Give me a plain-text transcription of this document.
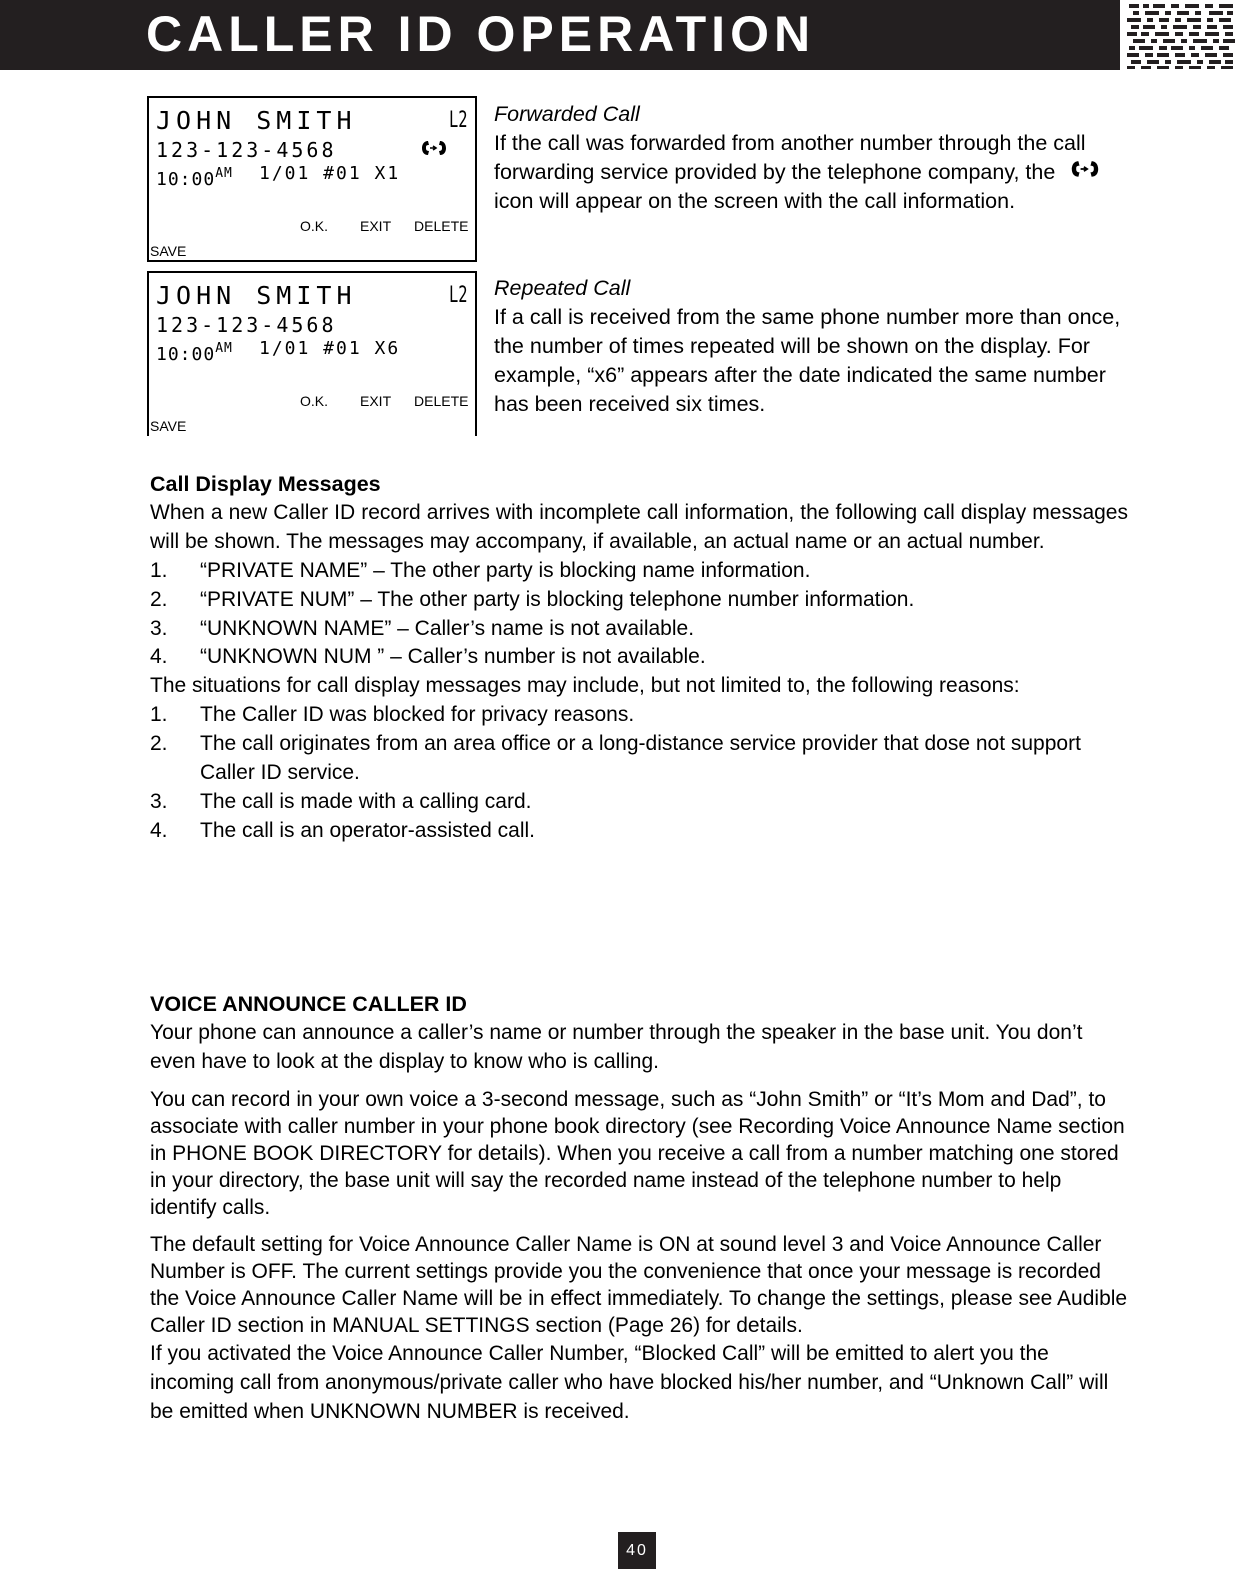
CALLER ID OPERATION
JOHN SMITH	L2
123-123-4568
$10:00^{AM}$ 1/01 #01 X1
O.K. EXIT DELETE
SAVE
JOHN SMITH	L2
123-123-4568
$10:00^{AM}$ 1/01 #01 X6
O.K. EXIT DELETE
SAVE
Forwarded Call
If the call was forwarded from another number through the call forwarding service provided by the telephone company, theicon will appear on the screen with the call information.
Repeated Call
If a call is received from the same phone number more than once, the number of times repeated will be shown on the display. For example, “x6” appears after the date indicated the same number has been received six times.
Call Display Messages

When a new Caller ID record arrives with incomplete call information, the following call display messages will be shown. The messages may accompany, if available, an actual name or an actual number.

1.	“PRIVATE NAME” – The other party is blocking name information.
2.	“PRIVATE NUM” – The other party is blocking telephone number information.
3.	“UNKNOWN NAME” – Caller’s name is not available.
4.	“UNKNOWN NUM ” – Caller’s number is not available.

The situations for call display messages may include, but not limited to, the following reasons:

1.	The Caller ID was blocked for privacy reasons.
2.	The call originates from an area office or a long-distance service provider that dose not support Caller ID service.
3.	The call is made with a calling card.
4.	The call is an operator-assisted call.
VOICE ANNOUNCE CALLER ID

Your phone can announce a caller’s name or number through the speaker in the base unit. You don’t even have to look at the display to know who is calling.

You can record in your own voice a 3-second message, such as “John Smith” or “It’s Mom and Dad”, to associate with caller number in your phone book directory (see Recording Voice Announce Name section in PHONE BOOK DIRECTORY for details). When you receive a call from a number matching one stored in your directory, the base unit will say the recorded name instead of the telephone number to help identify calls.

The default setting for Voice Announce Caller Name is ON at sound level 3 and Voice Announce Caller Number is OFF. The current settings provide you the convenience that once your message is recorded the Voice Announce Caller Name will be in effect immediately. To change the settings, please see Audible Caller ID section in MANUAL SETTINGS section (Page 26) for details.

If you activated the Voice Announce Caller Number, “Blocked Call” will be emitted to alert you the incoming call from anonymous/private caller who have blocked his/her number, and “Unknown Call” will be emitted when UNKNOWN NUMBER is received.

40
